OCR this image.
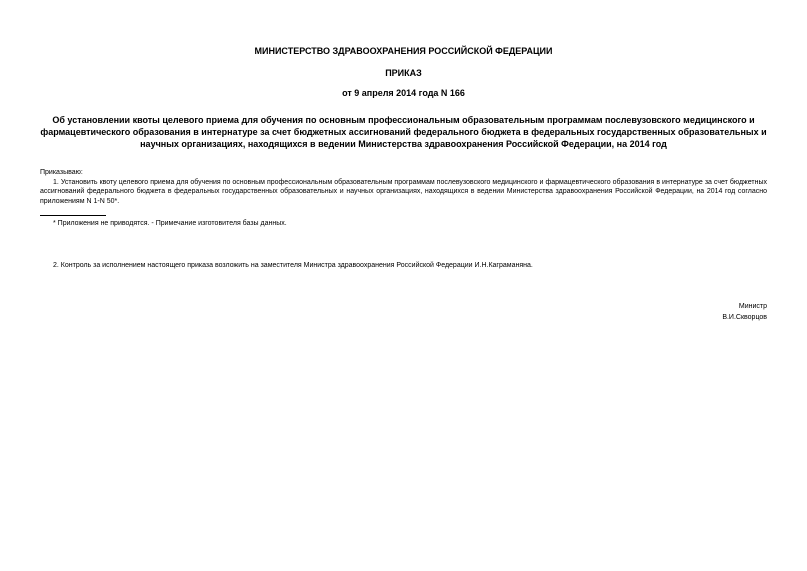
МИНИСТЕРСТВО ЗДРАВООХРАНЕНИЯ РОССИЙСКОЙ ФЕДЕРАЦИИ
ПРИКАЗ
от 9 апреля 2014 года N 166
Об установлении квоты целевого приема для обучения по основным профессиональным образовательным программам послевузовского медицинского и фармацевтического образования в интернатуре за счет бюджетных ассигнований федерального бюджета в федеральных государственных образовательных и научных организациях, находящихся в ведении Министерства здравоохранения Российской Федерации, на 2014 год
Приказываю:
1. Установить квоту целевого приема для обучения по основным профессиональным образовательным программам послевузовского медицинского и фармацевтического образования в интернатуре за счет бюджетных ассигнований федерального бюджета в федеральных государственных образовательных и научных организациях, находящихся в ведении Министерства здравоохранения Российской Федерации, на 2014 год согласно приложениям N 1-N 50*.
* Приложения не приводятся. - Примечание изготовителя базы данных.
2. Контроль за исполнением настоящего приказа возложить на заместителя Министра здравоохранения Российской Федерации И.Н.Каграманяна.
Министр
В.И.Скворцов
